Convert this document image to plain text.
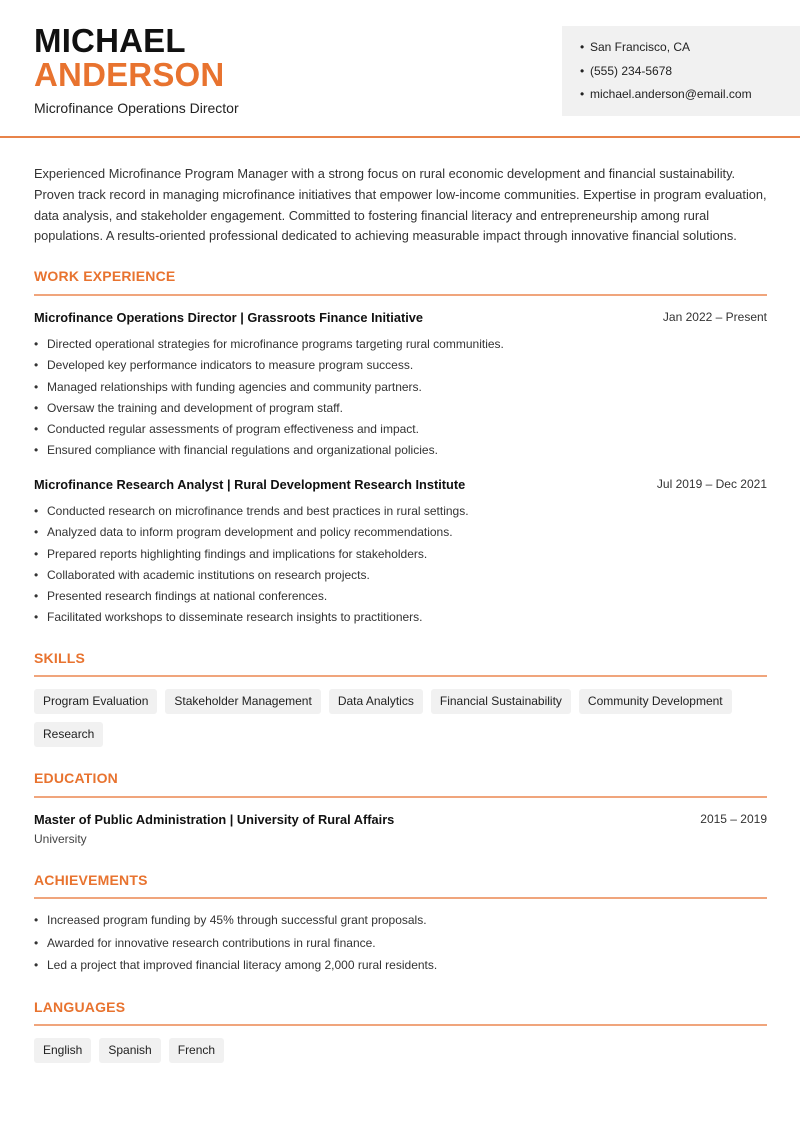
MICHAEL
ANDERSON
Microfinance Operations Director
• San Francisco, CA
• (555) 234-5678
• michael.anderson@email.com
Experienced Microfinance Program Manager with a strong focus on rural economic development and financial sustainability. Proven track record in managing microfinance initiatives that empower low-income communities. Expertise in program evaluation, data analysis, and stakeholder engagement. Committed to fostering financial literacy and entrepreneurship among rural populations. A results-oriented professional dedicated to achieving measurable impact through innovative financial solutions.
WORK EXPERIENCE
Microfinance Operations Director | Grassroots Finance Initiative	Jan 2022 – Present
• Directed operational strategies for microfinance programs targeting rural communities.
• Developed key performance indicators to measure program success.
• Managed relationships with funding agencies and community partners.
• Oversaw the training and development of program staff.
• Conducted regular assessments of program effectiveness and impact.
• Ensured compliance with financial regulations and organizational policies.
Microfinance Research Analyst | Rural Development Research Institute	Jul 2019 – Dec 2021
• Conducted research on microfinance trends and best practices in rural settings.
• Analyzed data to inform program development and policy recommendations.
• Prepared reports highlighting findings and implications for stakeholders.
• Collaborated with academic institutions on research projects.
• Presented research findings at national conferences.
• Facilitated workshops to disseminate research insights to practitioners.
SKILLS
Program Evaluation	Stakeholder Management	Data Analytics	Financial Sustainability	Community Development
Research
EDUCATION
Master of Public Administration | University of Rural Affairs	2015 – 2019
University
ACHIEVEMENTS
• Increased program funding by 45% through successful grant proposals.
• Awarded for innovative research contributions in rural finance.
• Led a project that improved financial literacy among 2,000 rural residents.
LANGUAGES
English	Spanish	French
